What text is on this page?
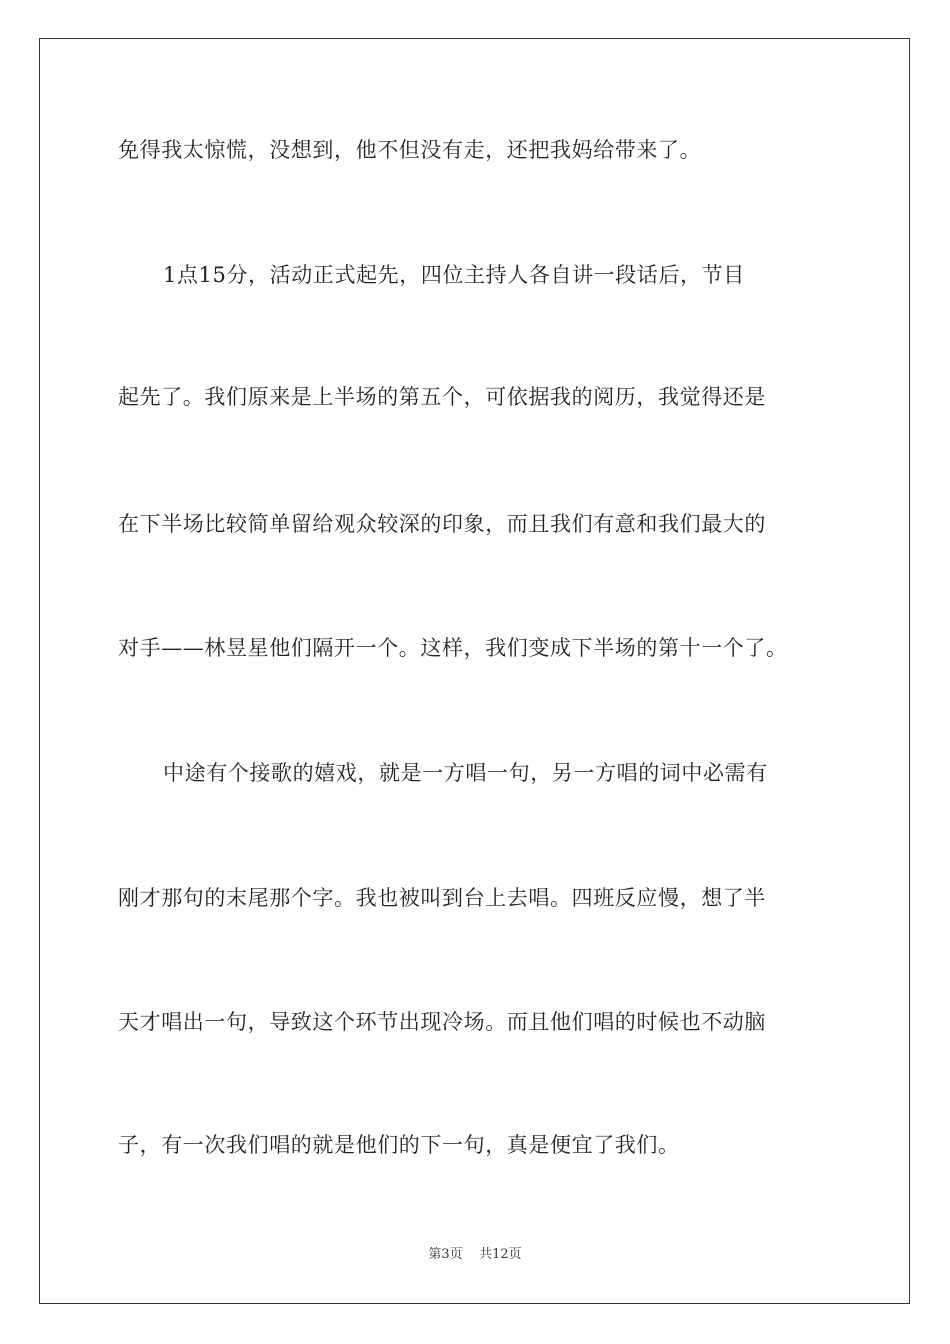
免得我太惊慌，没想到，他不但没有走，还把我妈给带来了。
1点15分，活动正式起先，四位主持人各自讲一段话后，节目
起先了。我们原来是上半场的第五个，可依据我的阅历，我觉得还是
在下半场比较简单留给观众较深的印象，而且我们有意和我们最大的
对手——林昱星他们隔开一个。这样，我们变成下半场的第十一个了。
中途有个接歌的嬉戏，就是一方唱一句，另一方唱的词中必需有
刚才那句的末尾那个字。我也被叫到台上去唱。四班反应慢，想了半
天才唱出一句，导致这个环节出现冷场。而且他们唱的时候也不动脑
子，有一次我们唱的就是他们的下一句，真是便宜了我们。
第3页 共12页
